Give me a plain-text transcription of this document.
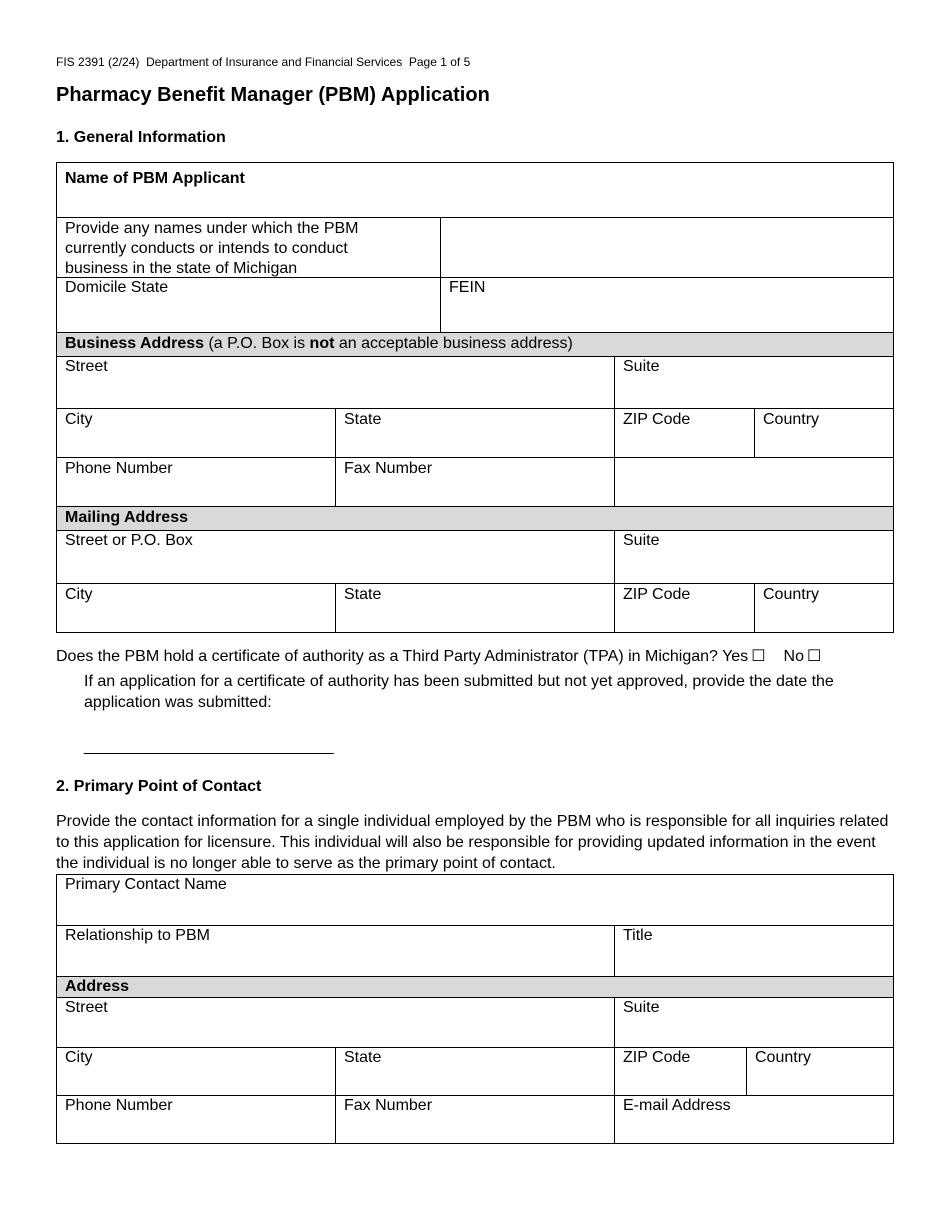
FIS 2391 (2/24) Department of Insurance and Financial Services Page 1 of 5
Pharmacy Benefit Manager (PBM) Application
1. General Information
Name of PBM Applicant
Provide any names under which the PBM currently conducts or intends to conduct business in the state of Michigan
Domicile State	FEIN
Business Address (a P.O. Box is not an acceptable business address)
Street	Suite
City	State	ZIP Code	Country
Phone Number	Fax Number
Mailing Address
Street or P.O. Box	Suite
City	State	ZIP Code	Country
Does the PBM hold a certificate of authority as a Third Party Administrator (TPA) in Michigan? Yes ☐ No ☐
If an application for a certificate of authority has been submitted but not yet approved, provide the date the application was submitted:
_____________________________
2. Primary Point of Contact
Provide the contact information for a single individual employed by the PBM who is responsible for all inquiries related to this application for licensure. This individual will also be responsible for providing updated information in the event the individual is no longer able to serve as the primary point of contact.
Primary Contact Name
Relationship to PBM	Title
Address
Street	Suite
City	State	ZIP Code	Country
Phone Number	Fax Number	E-mail Address
